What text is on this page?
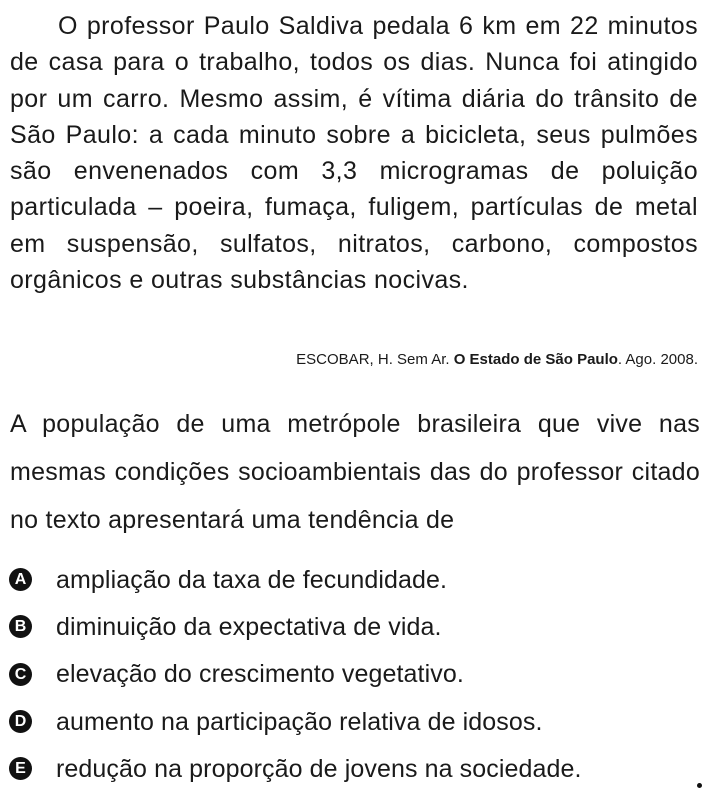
O professor Paulo Saldiva pedala 6 km em 22 minutos de casa para o trabalho, todos os dias. Nunca foi atingido por um carro. Mesmo assim, é vítima diária do trânsito de São Paulo: a cada minuto sobre a bicicleta, seus pulmões são envenenados com 3,3 microgramas de poluição particulada – poeira, fumaça, fuligem, partículas de metal em suspensão, sulfatos, nitratos, carbono, compostos orgânicos e outras substâncias nocivas.

ESCOBAR, H. Sem Ar. O Estado de São Paulo. Ago. 2008.

A população de uma metrópole brasileira que vive nas mesmas condições socioambientais das do professor citado no texto apresentará uma tendência de

A ampliação da taxa de fecundidade.
B diminuição da expectativa de vida.
C elevação do crescimento vegetativo.
D aumento na participação relativa de idosos.
E redução na proporção de jovens na sociedade.
